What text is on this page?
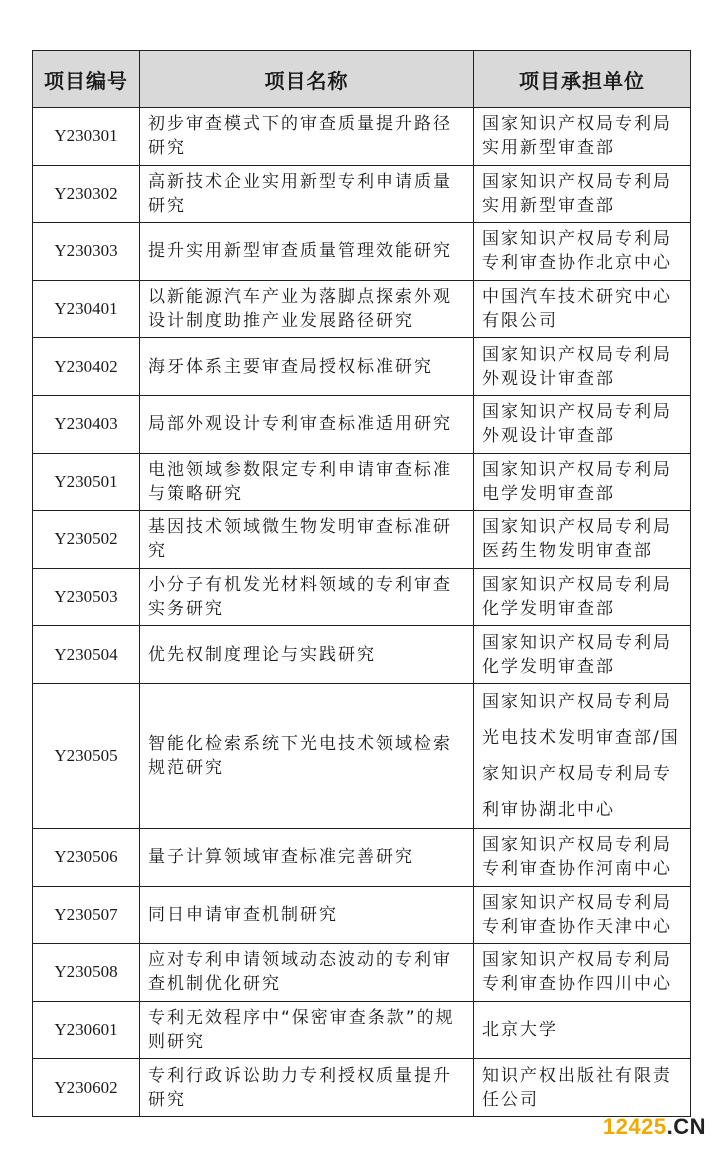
项目编号	项目名称	项目承担单位
Y230301	初步审查模式下的审查质量提升路径研究	国家知识产权局专利局实用新型审查部
Y230302	高新技术企业实用新型专利申请质量研究	国家知识产权局专利局实用新型审查部
Y230303	提升实用新型审查质量管理效能研究	国家知识产权局专利局专利审查协作北京中心
Y230401	以新能源汽车产业为落脚点探索外观设计制度助推产业发展路径研究	中国汽车技术研究中心有限公司
Y230402	海牙体系主要审查局授权标准研究	国家知识产权局专利局外观设计审查部
Y230403	局部外观设计专利审查标准适用研究	国家知识产权局专利局外观设计审查部
Y230501	电池领域参数限定专利申请审查标准与策略研究	国家知识产权局专利局电学发明审查部
Y230502	基因技术领域微生物发明审查标准研究	国家知识产权局专利局医药生物发明审查部
Y230503	小分子有机发光材料领域的专利审查实务研究	国家知识产权局专利局化学发明审查部
Y230504	优先权制度理论与实践研究	国家知识产权局专利局化学发明审查部
Y230505	智能化检索系统下光电技术领域检索规范研究	国家知识产权局专利局光电技术发明审查部/国家知识产权局专利局专利审协湖北中心
Y230506	量子计算领域审查标准完善研究	国家知识产权局专利局专利审查协作河南中心
Y230507	同日申请审查机制研究	国家知识产权局专利局专利审查协作天津中心
Y230508	应对专利申请领域动态波动的专利审查机制优化研究	国家知识产权局专利局专利审查协作四川中心
Y230601	专利无效程序中“保密审查条款”的规则研究	北京大学
Y230602	专利行政诉讼助力专利授权质量提升研究	知识产权出版社有限责任公司
12425.CN
